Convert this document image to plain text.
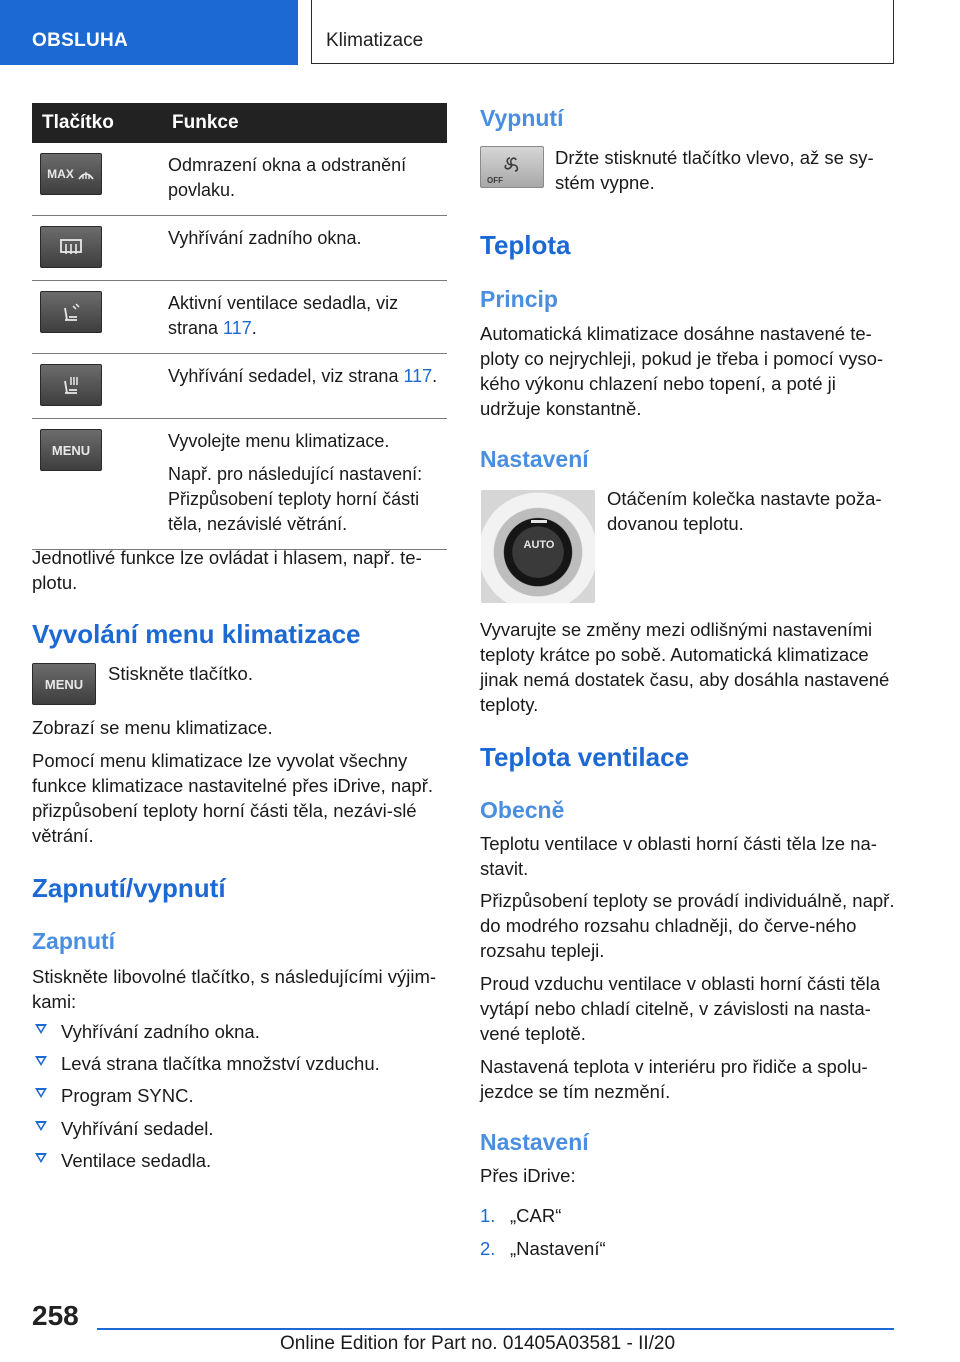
OBSLUHA	Klimatizace
Tlačítko	Funkce

MAX	Odmrazení okna a odstranění povlaku.

	Vyhřívání zadního okna.

	Aktivní ventilace sedadla, viz strana 117.

	Vyhřívání sedadel, viz strana 117.

MENU	Vyvolejte menu klimatizace.

Např. pro následující nastavení: Přizpůsobení teploty horní části těla, nezávislé větrání.

Jednotlivé funkce lze ovládat i hlasem, např. te-plotu.
Vyvolání menu klimatizace
MENU Stiskněte tlačítko.
Zobrazí se menu klimatizace.
Pomocí menu klimatizace lze vyvolat všechny funkce klimatizace nastavitelné přes iDrive, např. přizpůsobení teploty horní části těla, nezávi-slé větrání.
Zapnutí/vypnutí
Zapnutí
Stiskněte libovolné tlačítko, s následujícími výjim-kami:
Vyhřívání zadního okna.
Levá strana tlačítka množství vzduchu.
Program SYNC.
Vyhřívání sedadel.
Ventilace sedadla.
Vypnutí
OFF
Držte stisknuté tlačítko vlevo, až se sy-stém vypne.
Teplota
Princip
Automatická klimatizace dosáhne nastavené te-ploty co nejrychleji, pokud je třeba i pomocí vyso-kého výkonu chlazení nebo topení, a poté ji udržuje konstantně.
Nastavení
AUTO
Otáčením kolečka nastavte poža-dovanou teplotu.
Vyvarujte se změny mezi odlišnými nastaveními teploty krátce po sobě. Automatická klimatizace jinak nemá dostatek času, aby dosáhla nastavené teploty.
Teplota ventilace
Obecně
Teplotu ventilace v oblasti horní části těla lze na-stavit.
Přizpůsobení teploty se provádí individuálně, např. do modrého rozsahu chladněji, do červe-ného rozsahu tepleji.
Proud vzduchu ventilace v oblasti horní části těla vytápí nebo chladí citelně, v závislosti na nasta-vené teplotě.
Nastavená teplota v interiéru pro řidiče a spolu-jezdce se tím nezmění.
Nastavení
Přes iDrive:
1. „CAR“
2. „Nastavení“
258
Online Edition for Part no. 01405A03581 - II/20
